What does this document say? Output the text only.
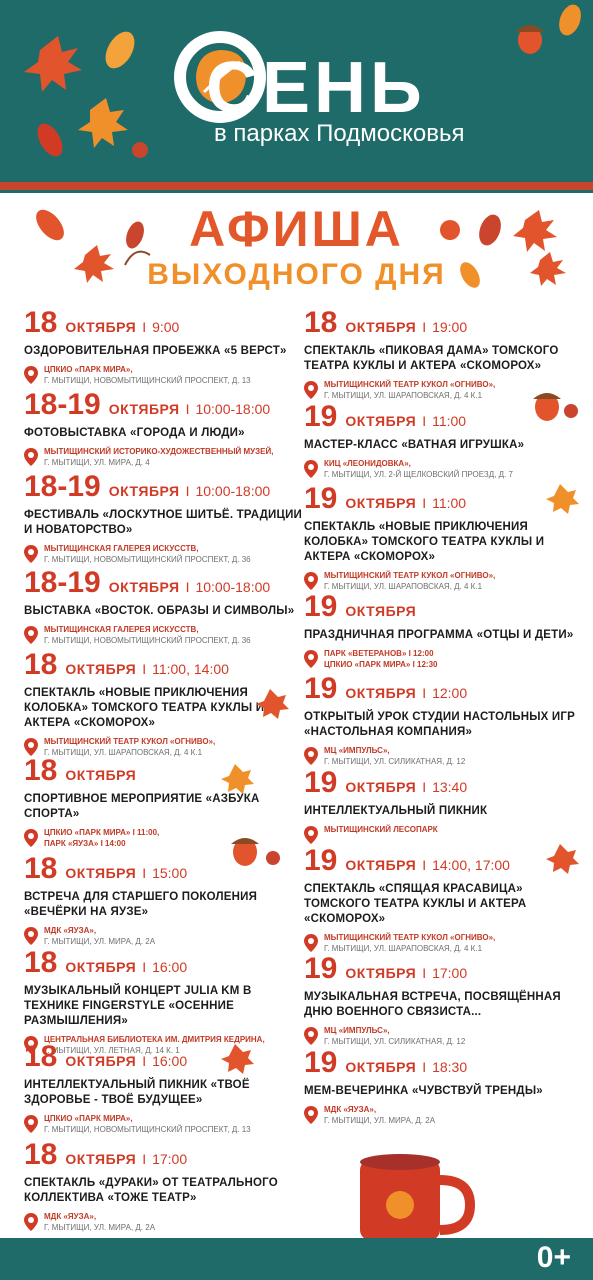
СЕНЬ
в парках Подмосковья
АФИША
ВЫХОДНОГО ДНЯ
18 ОКТЯБРЯ I 9:00
ОЗДОРОВИТЕЛЬНАЯ ПРОБЕЖКА «5 ВЕРСТ»
ЦПКИО «ПАРК МИРА»,
Г. МЫТИЩИ, НОВОМЫТИЩИНСКИЙ ПРОСПЕКТ, Д. 13
18-19 ОКТЯБРЯ I 10:00-18:00
ФОТОВЫСТАВКА «ГОРОДА И ЛЮДИ»
МЫТИЩИНСКИЙ ИСТОРИКО-ХУДОЖЕСТВЕННЫЙ МУЗЕЙ,
Г. МЫТИЩИ, УЛ. МИРА, Д. 4
18-19 ОКТЯБРЯ I 10:00-18:00
ФЕСТИВАЛЬ «ЛОСКУТНОЕ ШИТЬЁ. ТРАДИЦИИ И НОВАТОРСТВО»
МЫТИЩИНСКАЯ ГАЛЕРЕЯ ИСКУССТВ,
Г. МЫТИЩИ, НОВОМЫТИЩИНСКИЙ ПРОСПЕКТ, Д. 36
18-19 ОКТЯБРЯ I 10:00-18:00
ВЫСТАВКА «ВОСТОК. ОБРАЗЫ И СИМВОЛЫ»
МЫТИЩИНСКАЯ ГАЛЕРЕЯ ИСКУССТВ,
Г. МЫТИЩИ, НОВОМЫТИЩИНСКИЙ ПРОСПЕКТ, Д. 36
18 ОКТЯБРЯ I 11:00, 14:00
СПЕКТАКЛЬ «НОВЫЕ ПРИКЛЮЧЕНИЯ КОЛОБКА» ТОМСКОГО ТЕАТРА КУКЛЫ И АКТЕРА «СКОМОРОХ»
МЫТИЩИНСКИЙ ТЕАТР КУКОЛ «ОГНИВО»,
Г. МЫТИЩИ, УЛ. ШАРАПОВСКАЯ, Д. 4 К.1
18 ОКТЯБРЯ
СПОРТИВНОЕ МЕРОПРИЯТИЕ «АЗБУКА СПОРТА»
ЦПКИО «ПАРК МИРА» I 11:00,
ПАРК «ЯУЗА» I 14:00
18 ОКТЯБРЯ I 15:00
ВСТРЕЧА ДЛЯ СТАРШЕГО ПОКОЛЕНИЯ «ВЕЧЁРКИ НА ЯУЗЕ»
МДК «ЯУЗА»,
Г. МЫТИЩИ, УЛ. МИРА, Д. 2А
18 ОКТЯБРЯ I 16:00
МУЗЫКАЛЬНЫЙ КОНЦЕРТ JULIA KM В ТЕХНИКЕ FINGERSTYLE «ОСЕННИЕ РАЗМЫШЛЕНИЯ»
ЦЕНТРАЛЬНАЯ БИБЛИОТЕКА ИМ. ДМИТРИЯ КЕДРИНА,
Г. МЫТИЩИ, УЛ. ЛЕТНАЯ, Д. 14 К. 1
18 ОКТЯБРЯ I 16:00
ИНТЕЛЛЕКТУАЛЬНЫЙ ПИКНИК «ТВОЁ ЗДОРОВЬЕ - ТВОЁ БУДУЩЕЕ»
ЦПКИО «ПАРК МИРА»,
Г. МЫТИЩИ, НОВОМЫТИЩИНСКИЙ ПРОСПЕКТ, Д. 13
18 ОКТЯБРЯ I 17:00
СПЕКТАКЛЬ «ДУРАКИ» ОТ ТЕАТРАЛЬНОГО КОЛЛЕКТИВА «ТОЖЕ ТЕАТР»
МДК «ЯУЗА»,
Г. МЫТИЩИ, УЛ. МИРА, Д. 2А
18 ОКТЯБРЯ I 19:00
СПЕКТАКЛЬ «ПИКОВАЯ ДАМА» ТОМСКОГО ТЕАТРА КУКЛЫ И АКТЕРА «СКОМОРОХ»
МЫТИЩИНСКИЙ ТЕАТР КУКОЛ «ОГНИВО»,
Г. МЫТИЩИ, УЛ. ШАРАПОВСКАЯ, Д. 4 К.1
19 ОКТЯБРЯ I 11:00
МАСТЕР-КЛАСС «ВАТНАЯ ИГРУШКА»
КИЦ «ЛЕОНИДОВКА»,
Г. МЫТИЩИ, УЛ. 2-Й ЩЕЛКОВСКИЙ ПРОЕЗД, Д. 7
19 ОКТЯБРЯ I 11:00
СПЕКТАКЛЬ «НОВЫЕ ПРИКЛЮЧЕНИЯ КОЛОБКА» ТОМСКОГО ТЕАТРА КУКЛЫ И АКТЕРА «СКОМОРОХ»
МЫТИЩИНСКИЙ ТЕАТР КУКОЛ «ОГНИВО»,
Г. МЫТИЩИ, УЛ. ШАРАПОВСКАЯ, Д. 4 К.1
19 ОКТЯБРЯ
ПРАЗДНИЧНАЯ ПРОГРАММА «ОТЦЫ И ДЕТИ»
ПАРК «ВЕТЕРАНОВ» I 12:00
ЦПКИО «ПАРК МИРА» I 12:30
19 ОКТЯБРЯ I 12:00
ОТКРЫТЫЙ УРОК СТУДИИ НАСТОЛЬНЫХ ИГР «НАСТОЛЬНАЯ КОМПАНИЯ»
МЦ «ИМПУЛЬС»,
Г. МЫТИЩИ, УЛ. СИЛИКАТНАЯ, Д. 12
19 ОКТЯБРЯ I 13:40
ИНТЕЛЛЕКТУАЛЬНЫЙ ПИКНИК
МЫТИЩИНСКИЙ ЛЕСОПАРК
19 ОКТЯБРЯ I 14:00, 17:00
СПЕКТАКЛЬ «СПЯЩАЯ КРАСАВИЦА» ТОМСКОГО ТЕАТРА КУКЛЫ И АКТЕРА «СКОМОРОХ»
МЫТИЩИНСКИЙ ТЕАТР КУКОЛ «ОГНИВО»,
Г. МЫТИЩИ, УЛ. ШАРАПОВСКАЯ, Д. 4 К.1
19 ОКТЯБРЯ I 17:00
МУЗЫКАЛЬНАЯ ВСТРЕЧА, ПОСВЯЩЁННАЯ ДНЮ ВОЕННОГО СВЯЗИСТА...
МЦ «ИМПУЛЬС»,
Г. МЫТИЩИ, УЛ. СИЛИКАТНАЯ, Д. 12
19 ОКТЯБРЯ I 18:30
МЕМ-ВЕЧЕРИНКА «ЧУВСТВУЙ ТРЕНДЫ»
МДК «ЯУЗА»,
Г. МЫТИЩИ, УЛ. МИРА, Д. 2А
0+
